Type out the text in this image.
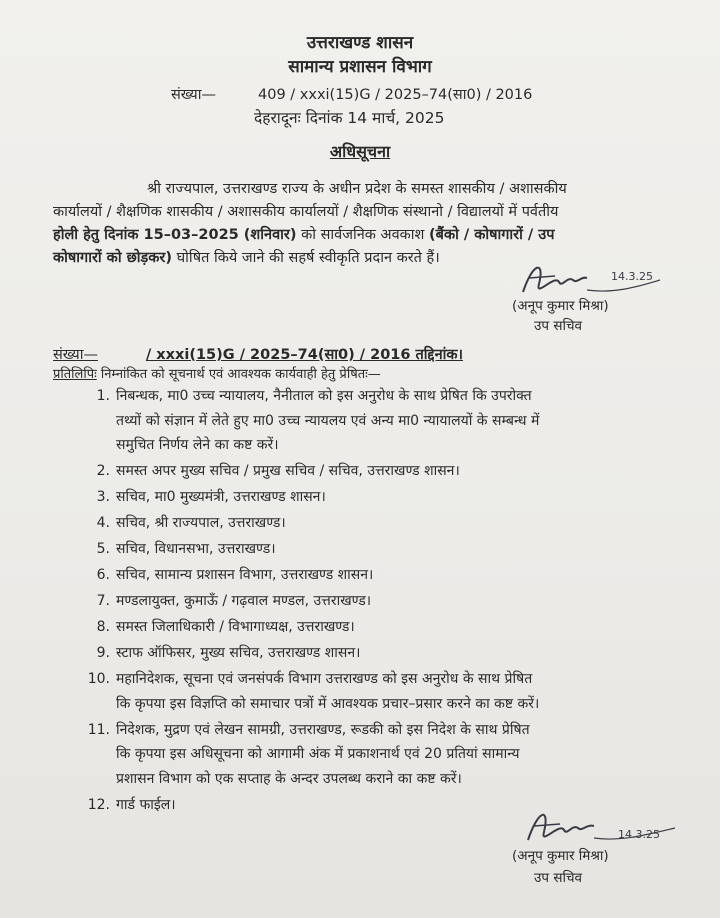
उत्तराखण्ड शासन
सामान्य प्रशासन विभाग
संख्या—	409 / xxxi(15)G / 2025–74(सा0) / 2016
देहरादूनः दिनांक 14 मार्च, 2025
अधिसूचना
श्री राज्यपाल, उत्तराखण्ड राज्य के अधीन प्रदेश के समस्त शासकीय / अशासकीय
कार्यालयों / शैक्षणिक शासकीय / अशासकीय कार्यालयों / शैक्षणिक संस्थानो / विद्यालयों में पर्वतीय
होली हेतु दिनांक 15–03–2025 (शनिवार) को सार्वजनिक अवकाश (बैंको / कोषागारों / उप
कोषागारों को छोड़कर) घोषित किये जाने की सहर्ष स्वीकृति प्रदान करते हैं।
14.3.25
(अनूप कुमार मिश्रा)
उप सचिव
संख्या—	/ xxxi(15)G / 2025–74(सा0) / 2016 तद्दिनांक।
प्रतिलिपिः निम्नांकित को सूचनार्थ एवं आवश्यक कार्यवाही हेतु प्रेषितः—
1. निबन्धक, मा0 उच्च न्यायालय, नैनीताल को इस अनुरोध के साथ प्रेषित कि उपरोक्त
तथ्यों को संज्ञान में लेते हुए मा0 उच्च न्यायलय एवं अन्य मा0 न्यायालयों के सम्बन्ध में
समुचित निर्णय लेने का कष्ट करें।
2. समस्त अपर मुख्य सचिव / प्रमुख सचिव / सचिव, उत्तराखण्ड शासन।
3. सचिव, मा0 मुख्यमंत्री, उत्तराखण्ड शासन।
4. सचिव, श्री राज्यपाल, उत्तराखण्ड।
5. सचिव, विधानसभा, उत्तराखण्ड।
6. सचिव, सामान्य प्रशासन विभाग, उत्तराखण्ड शासन।
7. मण्डलायुक्त, कुमाऊँ / गढ़वाल मण्डल, उत्तराखण्ड।
8. समस्त जिलाधिकारी / विभागाध्यक्ष, उत्तराखण्ड।
9. स्टाफ ऑफिसर, मुख्य सचिव, उत्तराखण्ड शासन।
10. महानिदेशक, सूचना एवं जनसंपर्क विभाग उत्तराखण्ड को इस अनुरोध के साथ प्रेषित
कि कृपया इस विज्ञप्ति को समाचार पत्रों में आवश्यक प्रचार–प्रसार करने का कष्ट करें।
11. निदेशक, मुद्रण एवं लेखन सामग्री, उत्तराखण्ड, रूडकी को इस निदेश के साथ प्रेषित
कि कृपया इस अधिसूचना को आगामी अंक में प्रकाशनार्थ एवं 20 प्रतियां सामान्य
प्रशासन विभाग को एक सप्ताह के अन्दर उपलब्ध कराने का कष्ट करें।
12. गार्ड फाईल।
14.3.25
(अनूप कुमार मिश्रा)
उप सचिव
